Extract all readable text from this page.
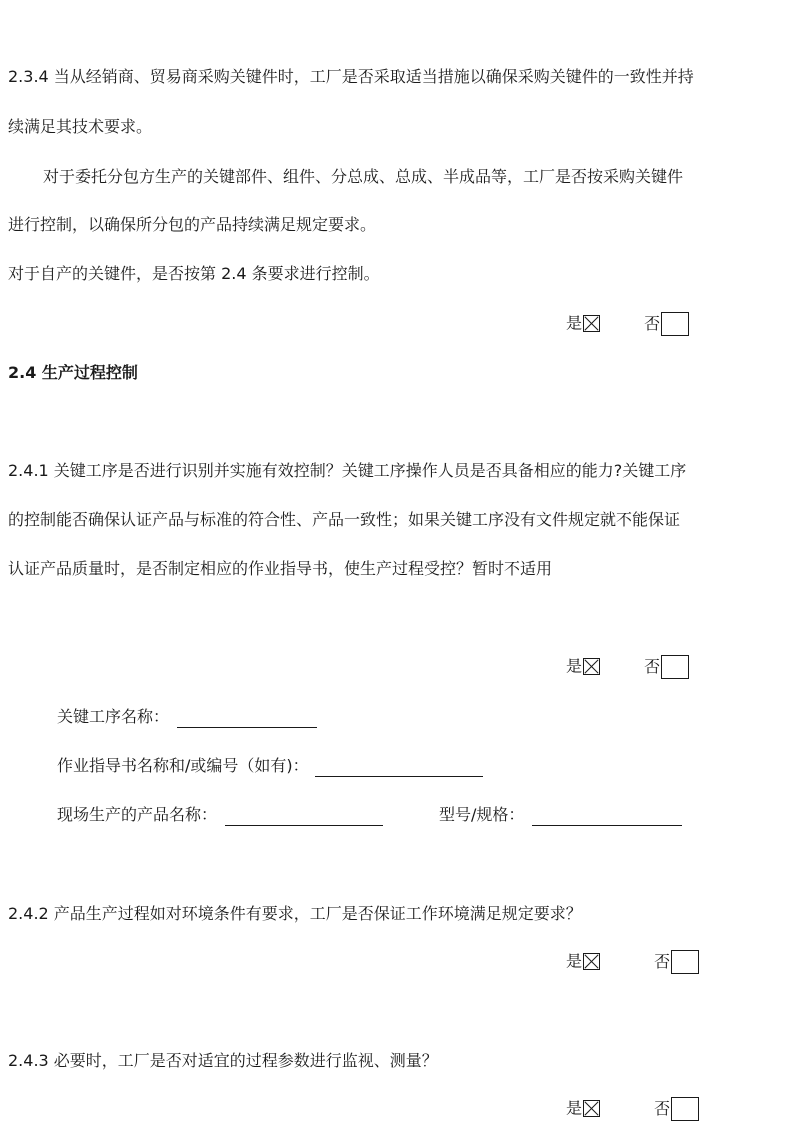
2.3.4 当从经销商、贸易商采购关键件时，工厂是否采取适当措施以确保采购关键件的一致性并持
续满足其技术要求。
对于委托分包方生产的关键部件、组件、分总成、总成、半成品等，工厂是否按采购关键件
进行控制，以确保所分包的产品持续满足规定要求。
对于自产的关键件，是否按第 2.4 条要求进行控制。
是	否
2.4 生产过程控制
2.4.1 关键工序是否进行识别并实施有效控制？关键工序操作人员是否具备相应的能力?关键工序
的控制能否确保认证产品与标准的符合性、产品一致性；如果关键工序没有文件规定就不能保证
认证产品质量时，是否制定相应的作业指导书，使生产过程受控？暂时不适用
是	否
关键工序名称：
作业指导书名称和/或编号（如有)：
现场生产的产品名称：	型号/规格：
2.4.2 产品生产过程如对环境条件有要求，工厂是否保证工作环境满足规定要求？
是	否
2.4.3 必要时，工厂是否对适宜的过程参数进行监视、测量？
是	否
